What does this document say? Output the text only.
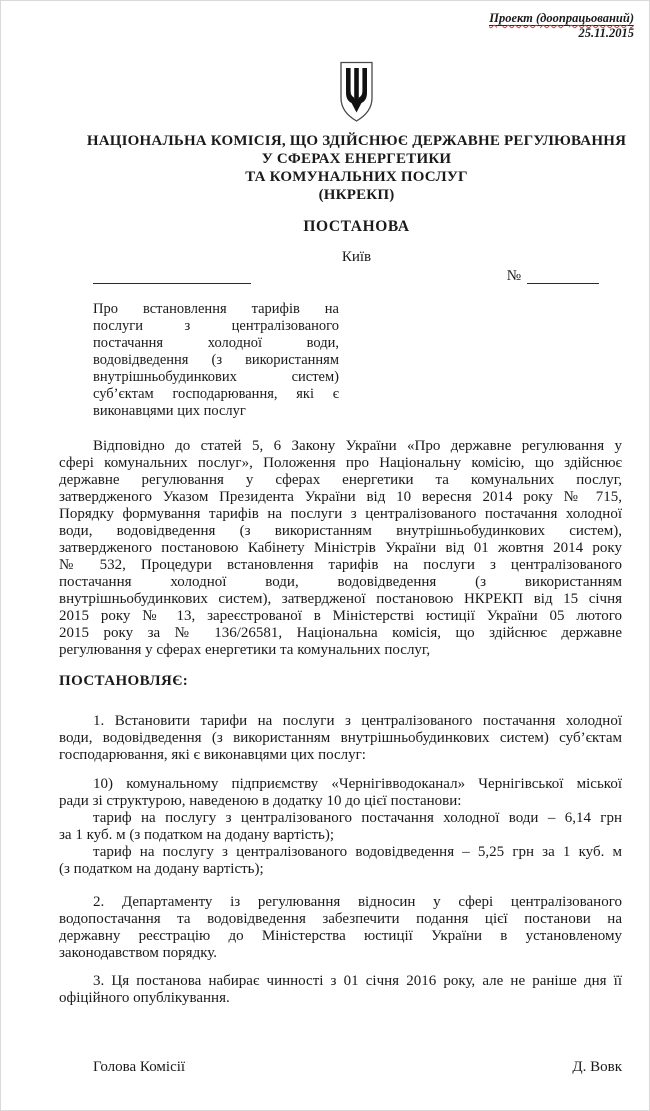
Проект (доопрацьований)
25.11.2015
НАЦІОНАЛЬНА КОМІСІЯ, ЩО ЗДІЙСНЮЄ ДЕРЖАВНЕ РЕГУЛЮВАННЯ
У СФЕРАХ ЕНЕРГЕТИКИ
ТА КОМУНАЛЬНИХ ПОСЛУГ
(НКРЕКП)
ПОСТАНОВА
Київ
№
Про встановлення тарифів на
послуги з централізованого
постачання холодної води,
водовідведення (з використанням
внутрішньобудинкових систем)
суб’єктам господарювання, які є
виконавцями цих послуг
Відповідно до статей 5, 6 Закону України «Про державне регулювання у
сфері комунальних послуг», Положення про Національну комісію, що здійснює
державне регулювання у сферах енергетики та комунальних послуг,
затвердженого Указом Президента України від 10 вересня 2014 року № 715,
Порядку формування тарифів на послуги з централізованого постачання холодної
води, водовідведення (з використанням внутрішньобудинкових систем),
затвердженого постановою Кабінету Міністрів України від 01 жовтня 2014 року
№ 532, Процедури встановлення тарифів на послуги з централізованого
постачання холодної води, водовідведення (з використанням
внутрішньобудинкових систем), затвердженої постановою НКРЕКП від 15 січня
2015 року № 13, зареєстрованої в Міністерстві юстиції України 05 лютого
2015 року за № 136/26581, Національна комісія, що здійснює державне
регулювання у сферах енергетики та комунальних послуг,
ПОСТАНОВЛЯЄ:
1. Встановити тарифи на послуги з централізованого постачання холодної
води, водовідведення (з використанням внутрішньобудинкових систем) суб’єктам
господарювання, які є виконавцями цих послуг:
10) комунальному підприємству «Чернігівводоканал» Чернігівської міської
ради зі структурою, наведеною в додатку 10 до цієї постанови:
тариф на послугу з централізованого постачання холодної води – 6,14 грн
за 1 куб. м (з податком на додану вартість);
тариф на послугу з централізованого водовідведення – 5,25 грн за 1 куб. м
(з податком на додану вартість);
2. Департаменту із регулювання відносин у сфері централізованого
водопостачання та водовідведення забезпечити подання цієї постанови на
державну реєстрацію до Міністерства юстиції України в установленому
законодавством порядку.
3. Ця постанова набирає чинності з 01 січня 2016 року, але не раніше дня її
офіційного опублікування.
Голова Комісії	Д. Вовк
